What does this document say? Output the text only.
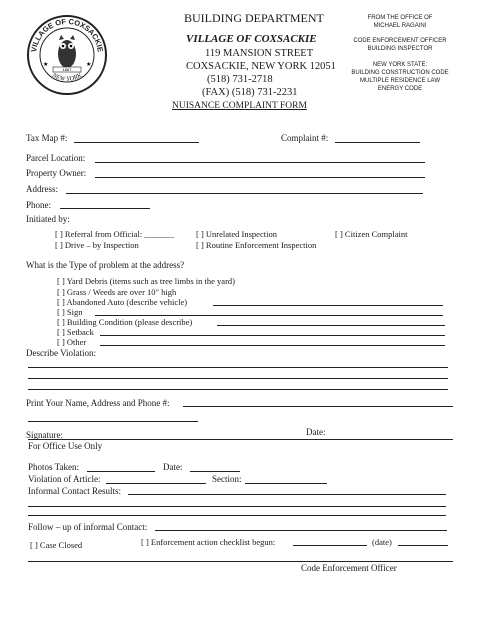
VILLAGE OF COXSACKIE
NEW YORK
1867
★	★
BUILDING DEPARTMENT
VILLAGE OF COXSACKIE
119 MANSION STREET
COXSACKIE, NEW YORK 12051
(518) 731-2718
(FAX) (518) 731-2231
FROM THE OFFICE OF
MICHAEL RAGAINI
CODE ENFORCEMENT OFFICER
BUILDING INSPECTOR
NEW YORK STATE:
BUILDING CONSTRUCTION CODE
MULTIPLE RESIDENCE LAW
ENERGY CODE
NUISANCE COMPLAINT FORM
Tax Map #:	Complaint #:
Parcel Location:
Property Owner:
Address:
Phone:
Initiated by:
[ ] Referral from Official: _______	[ ] Unrelated Inspection	[ ] Citizen Complaint
[ ] Drive – by Inspection	[ ] Routine Enforcement Inspection
What is the Type of problem at the address?
[ ] Yard Debris (items such as tree limbs in the yard)
[ ] Grass / Weeds are over 10" high
[ ] Abandoned Auto (describe vehicle)
[ ] Sign
[ ] Building Condition (please describe)
[ ] Setback
[ ] Other
Describe Violation:
Print Your Name, Address and Phone #:
Signature:	Date:
For Office Use Only
Photos Taken:	Date:
Violation of Article:	Section:
Informal Contact Results:
Follow – up of informal Contact:
[ ] Case Closed	[ ] Enforcement action checklist begun:	(date)
Code Enforcement Officer
